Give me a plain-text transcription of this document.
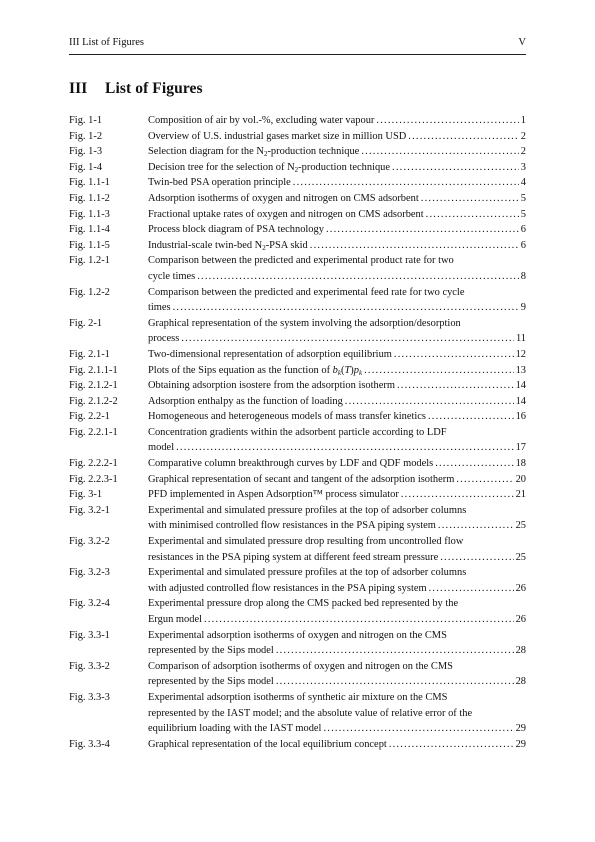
III List of Figures	V
III List of Figures
Fig. 1-1	Composition of air by vol.-%, excluding water vapour .....	1
Fig. 1-2	Overview of U.S. industrial gases market size in million USD .....	2
Fig. 1-3	Selection diagram for the $N_2$-production technique .....	2
Fig. 1-4	Decision tree for the selection of $N_2$-production technique .....	3
Fig. 1.1-1	Twin-bed PSA operation principle .....	4
Fig. 1.1-2	Adsorption isotherms of oxygen and nitrogen on CMS adsorbent .....	5
Fig. 1.1-3	Fractional uptake rates of oxygen and nitrogen on CMS adsorbent .....	5
Fig. 1.1-4	Process block diagram of PSA technology .....	6
Fig. 1.1-5	Industrial-scale twin-bed $N_2$-PSA skid .....	6
Fig. 1.2-1	Comparison between the predicted and experimental product rate for two
cycle times .....	8
Fig. 1.2-2	Comparison between the predicted and experimental feed rate for two cycle
times .....	9
Fig. 2-1	Graphical representation of the system involving the adsorption/desorption
process .....	11
Fig. 2.1-1	Two-dimensional representation of adsorption equilibrium .....	12
Fig. 2.1.1-1	Plots of the Sips equation as the function of $b_k(T)p_k$ .....	13
Fig. 2.1.2-1	Obtaining adsorption isostere from the adsorption isotherm .....	14
Fig. 2.1.2-2	Adsorption enthalpy as the function of loading .....	14
Fig. 2.2-1	Homogeneous and heterogeneous models of mass transfer kinetics .....	16
Fig. 2.2.1-1	Concentration gradients within the adsorbent particle according to LDF
model .....	17
Fig. 2.2.2-1	Comparative column breakthrough curves by LDF and QDF models .....	18
Fig. 2.2.3-1	Graphical representation of secant and tangent of the adsorption isotherm .....	20
Fig. 3-1	PFD implemented in Aspen Adsorption™ process simulator .....	21
Fig. 3.2-1	Experimental and simulated pressure profiles at the top of adsorber columns
with minimised controlled flow resistances in the PSA piping system .....	25
Fig. 3.2-2	Experimental and simulated pressure drop resulting from uncontrolled flow
resistances in the PSA piping system at different feed stream pressure .....	25
Fig. 3.2-3	Experimental and simulated pressure profiles at the top of adsorber columns
with adjusted controlled flow resistances in the PSA piping system .....	26
Fig. 3.2-4	Experimental pressure drop along the CMS packed bed represented by the
Ergun model .....	26
Fig. 3.3-1	Experimental adsorption isotherms of oxygen and nitrogen on the CMS
represented by the Sips model .....	28
Fig. 3.3-2	Comparison of adsorption isotherms of oxygen and nitrogen on the CMS
represented by the Sips model .....	28
Fig. 3.3-3	Experimental adsorption isotherms of synthetic air mixture on the CMS
represented by the IAST model; and the absolute value of relative error of the
equilibrium loading with the IAST model .....	29
Fig. 3.3-4	Graphical representation of the local equilibrium concept .....	29
